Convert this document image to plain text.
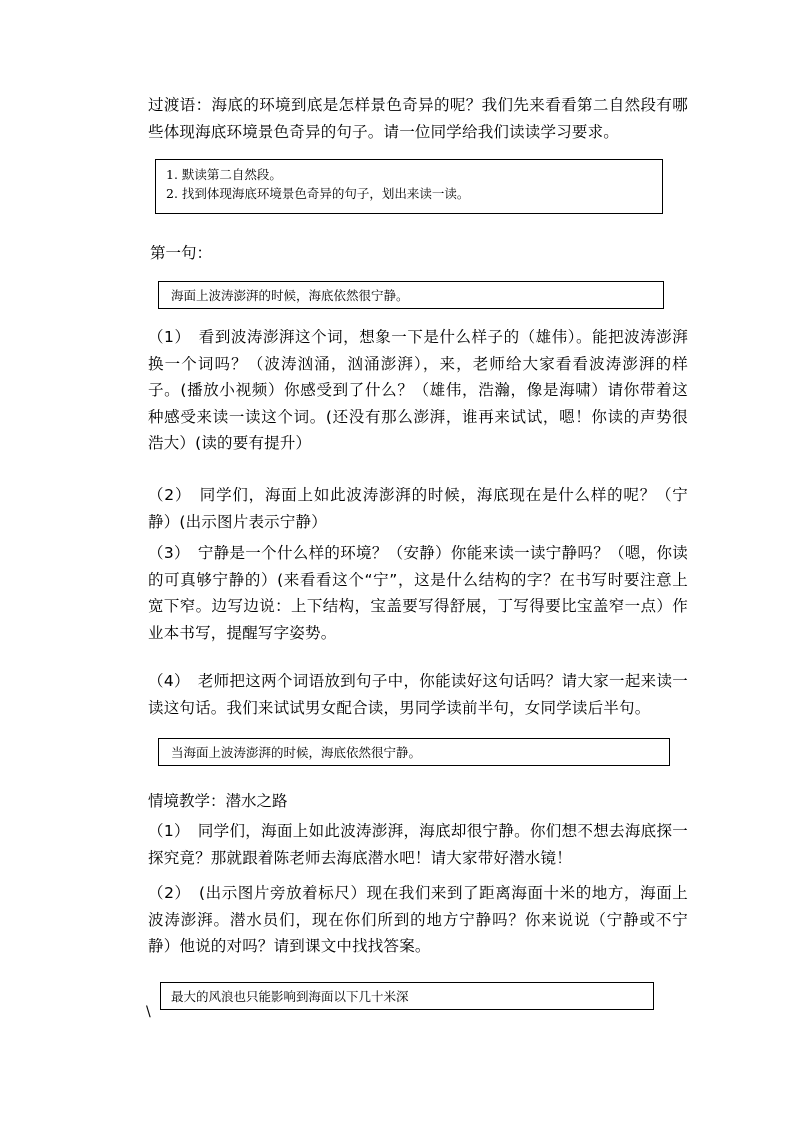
过渡语：海底的环境到底是怎样景色奇异的呢？我们先来看看第二自然段有哪些体现海底环境景色奇异的句子。请一位同学给我们读读学习要求。

1. 默读第二自然段。
2. 找到体现海底环境景色奇异的句子，划出来读一读。
第一句：
海面上波涛澎湃的时候，海底依然很宁静。

（1）　看到波涛澎湃这个词，想象一下是什么样子的（雄伟）。能把波涛澎湃换一个词吗？（波涛汹涌，汹涌澎湃），来，老师给大家看看波涛澎湃的样子。(播放小视频）你感受到了什么？（雄伟，浩瀚，像是海啸）请你带着这种感受来读一读这个词。(还没有那么澎湃，谁再来试试，嗯！你读的声势很浩大）(读的要有提升）

（2）　同学们，海面上如此波涛澎湃的时候，海底现在是什么样的呢？（宁静）(出示图片表示宁静）

（3）　宁静是一个什么样的环境？（安静）你能来读一读宁静吗？（嗯，你读的可真够宁静的）(来看看这个“宁”，这是什么结构的字？在书写时要注意上宽下窄。边写边说：上下结构，宝盖要写得舒展，丁写得要比宝盖窄一点）作业本书写，提醒写字姿势。

（4）　老师把这两个词语放到句子中，你能读好这句话吗？请大家一起来读一读这句话。我们来试试男女配合读，男同学读前半句，女同学读后半句。

当海面上波涛澎湃的时候，海底依然很宁静。
情境教学：潜水之路

（1）　同学们，海面上如此波涛澎湃，海底却很宁静。你们想不想去海底探一探究竟？那就跟着陈老师去海底潜水吧！请大家带好潜水镜！

（2）　(出示图片旁放着标尺）现在我们来到了距离海面十米的地方，海面上波涛澎湃。潜水员们，现在你们所到的地方宁静吗？你来说说（宁静或不宁静）他说的对吗？请到课文中找找答案。

最大的风浪也只能影响到海面以下几十米深
\
